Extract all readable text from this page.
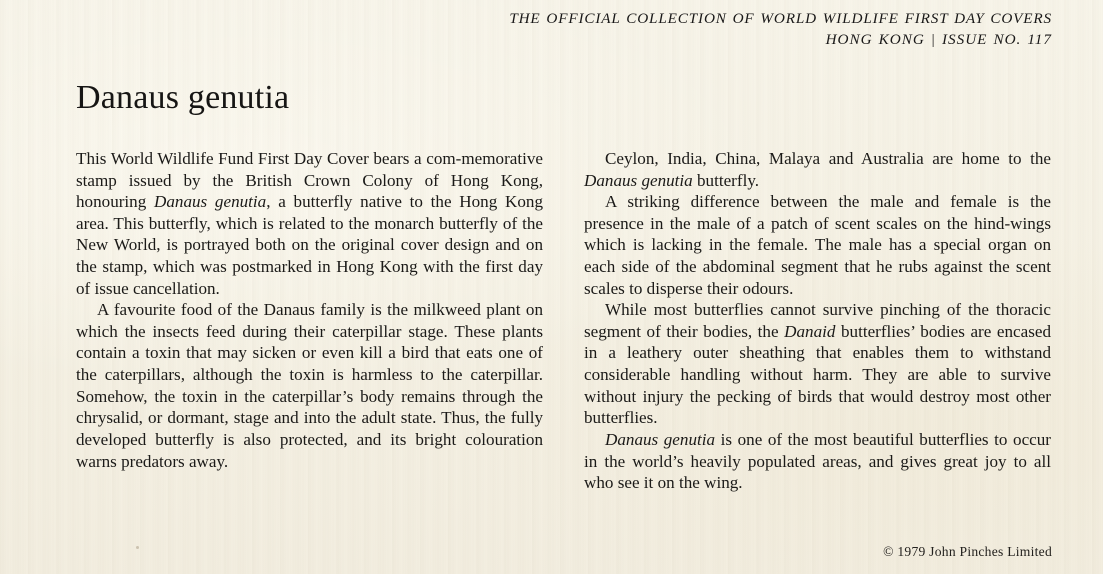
THE OFFICIAL COLLECTION OF WORLD WILDLIFE FIRST DAY COVERS
HONG KONG | ISSUE NO. 117
Danaus genutia

This World Wildlife Fund First Day Cover bears a com-memorative stamp issued by the British Crown Colony of Hong Kong, honouring Danaus genutia, a butterfly native to the Hong Kong area. This butterfly, which is related to the monarch butterfly of the New World, is portrayed both on the original cover design and on the stamp, which was postmarked in Hong Kong with the first day of issue cancellation.

A favourite food of the Danaus family is the milkweed plant on which the insects feed during their caterpillar stage. These plants contain a toxin that may sicken or even kill a bird that eats one of the caterpillars, although the toxin is harmless to the caterpillar. Somehow, the toxin in the caterpillar’s body remains through the chrysalid, or dormant, stage and into the adult state. Thus, the fully developed butterfly is also protected, and its bright colouration warns predators away.

Ceylon, India, China, Malaya and Australia are home to the Danaus genutia butterfly.

A striking difference between the male and female is the presence in the male of a patch of scent scales on the hind-wings which is lacking in the female. The male has a special organ on each side of the abdominal segment that he rubs against the scent scales to disperse their odours.

While most butterflies cannot survive pinching of the thoracic segment of their bodies, the Danaid butterflies’ bodies are encased in a leathery outer sheathing that enables them to withstand considerable handling without harm. They are able to survive without injury the pecking of birds that would destroy most other butterflies.

Danaus genutia is one of the most beautiful butterflies to occur in the world’s heavily populated areas, and gives great joy to all who see it on the wing.

© 1979 John Pinches Limited
